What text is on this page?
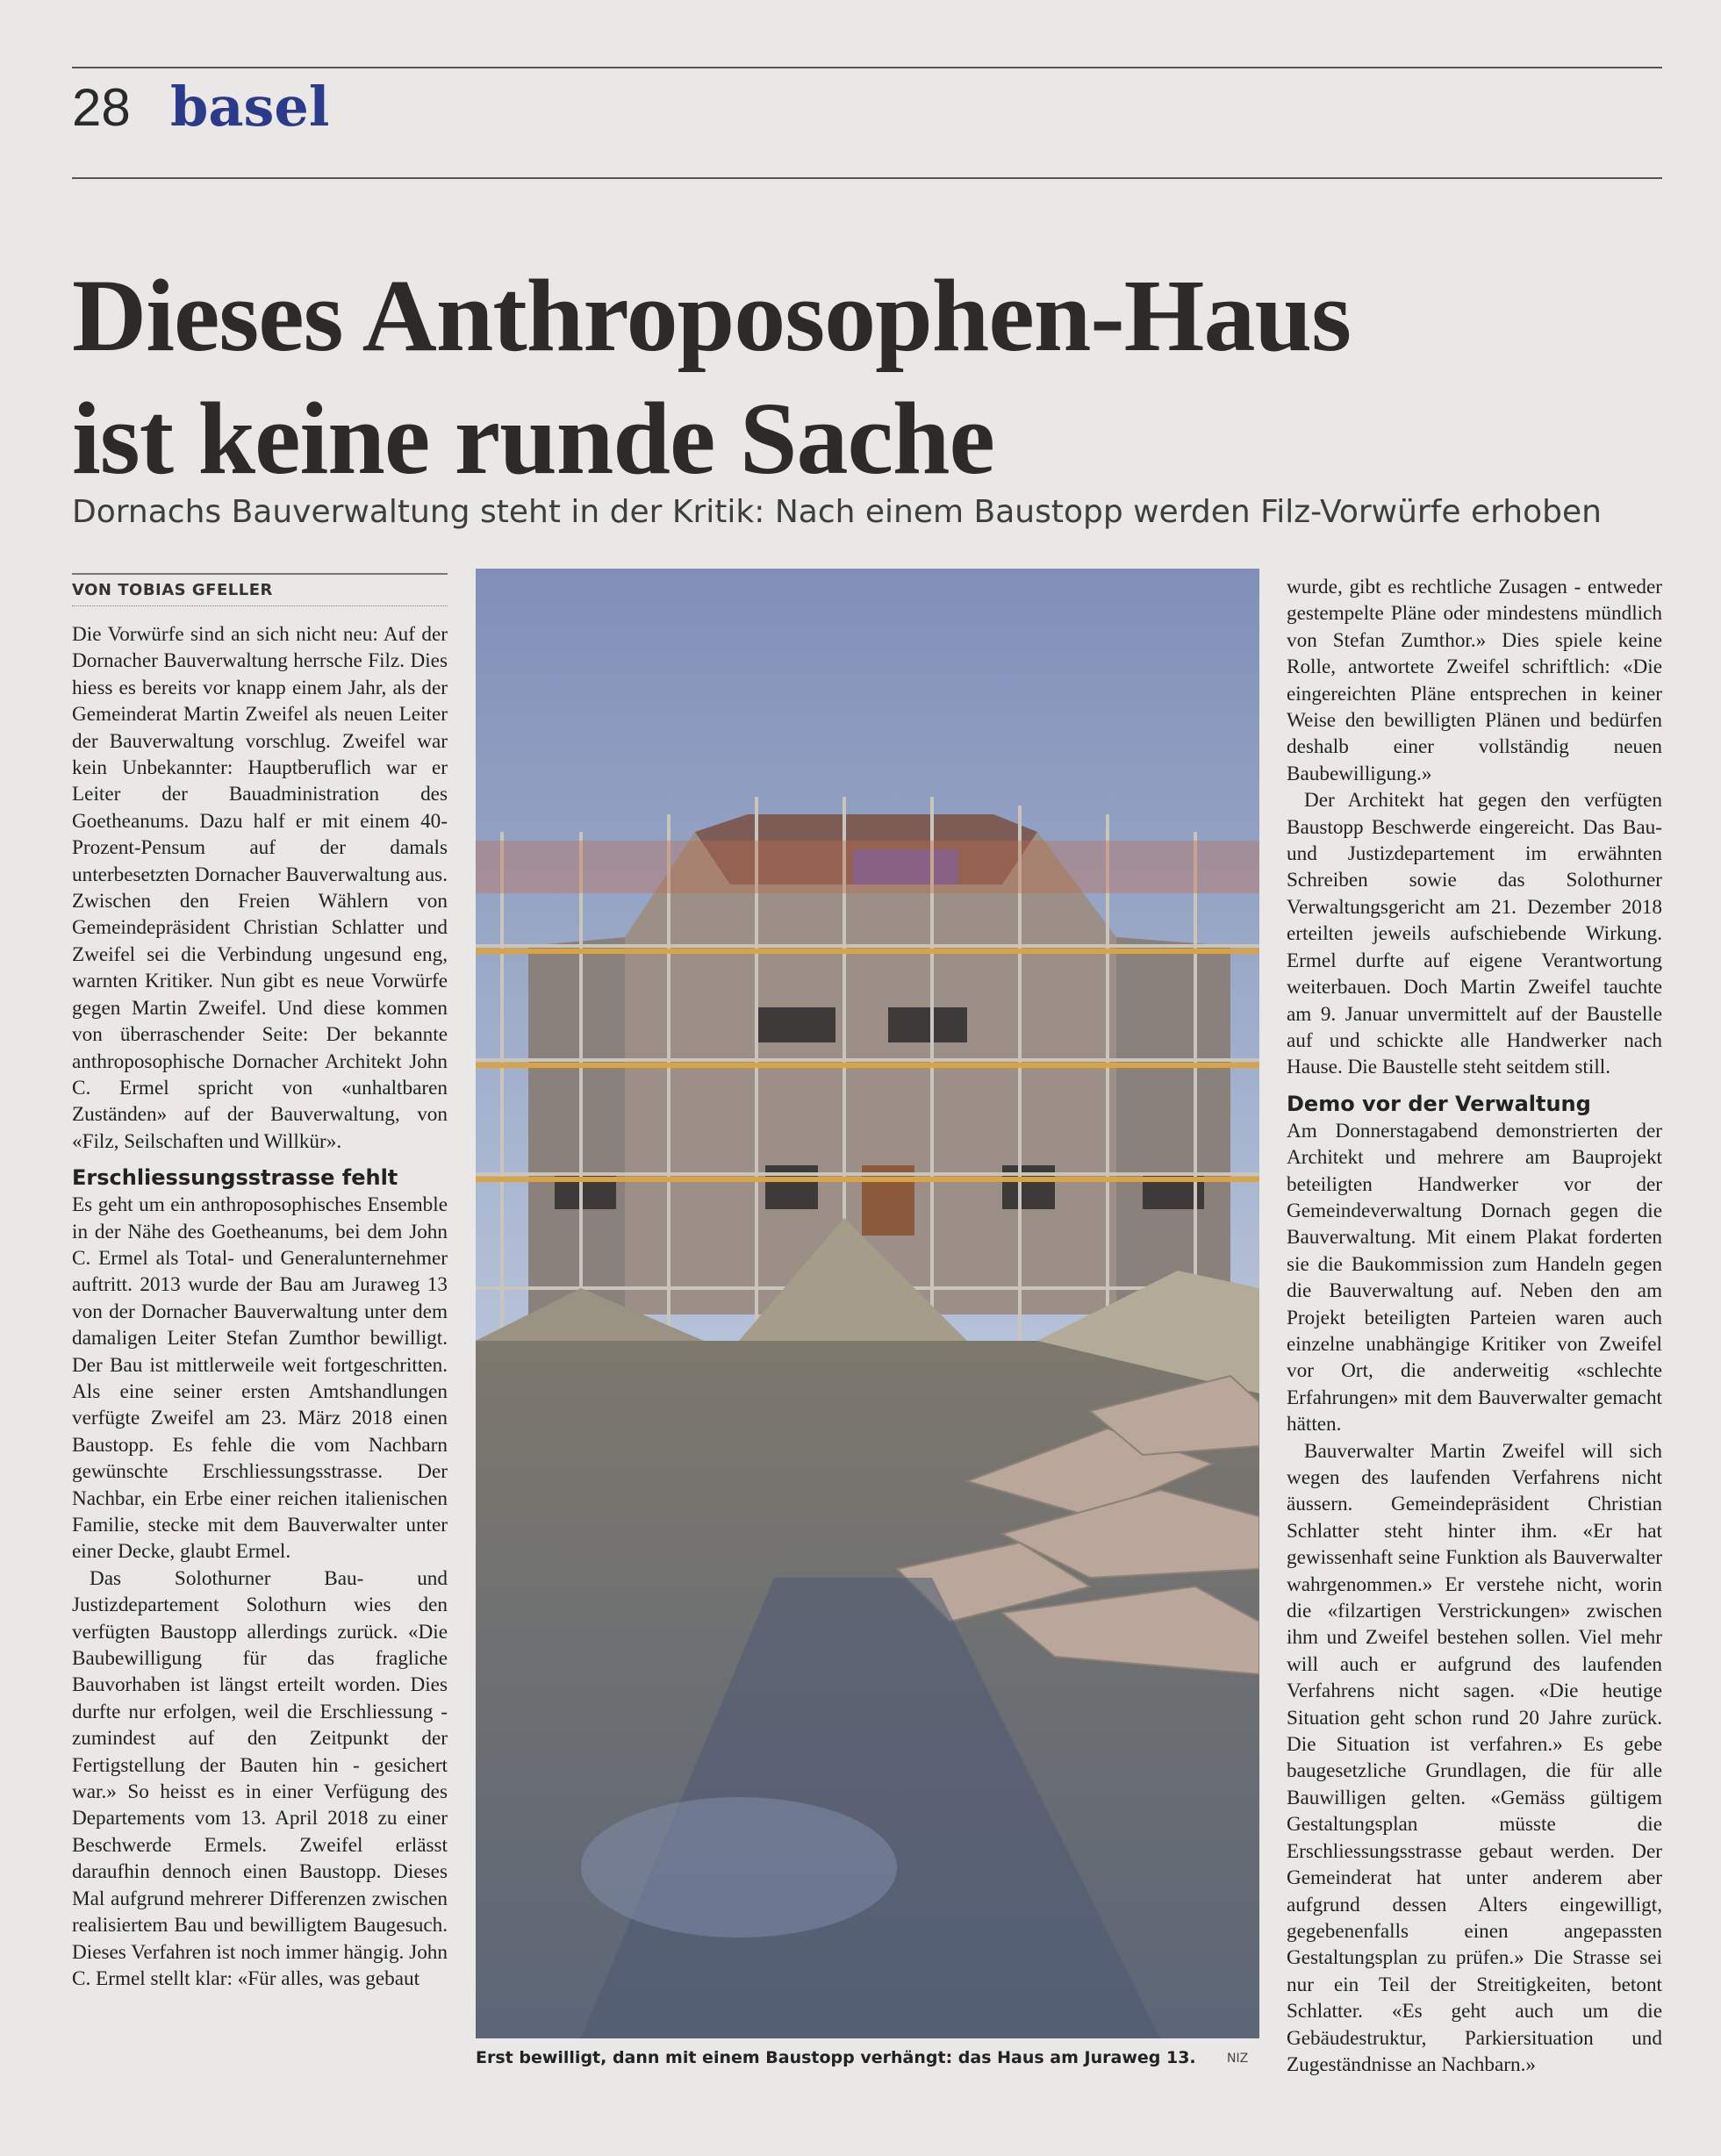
28 basel
Dieses Anthroposophen-Haus
ist keine runde Sache
Dornachs Bauverwaltung steht in der Kritik: Nach einem Baustopp werden Filz-Vorwürfe erhoben
VON TOBIAS GFELLER

Die Vorwürfe sind an sich nicht neu: Auf der Dornacher Bauverwaltung herrsche Filz. Dies hiess es bereits vor knapp einem Jahr, als der Gemeinderat Martin Zweifel als neuen Leiter der Bauverwaltung vorschlug. Zweifel war kein Unbekannter: Hauptberuflich war er Leiter der Bauadministration des Goetheanums. Dazu half er mit einem 40-Prozent-Pensum auf der damals unterbesetzten Dornacher Bauverwaltung aus. Zwischen den Freien Wählern von Gemeindepräsident Christian Schlatter und Zweifel sei die Verbindung ungesund eng, warnten Kritiker. Nun gibt es neue Vorwürfe gegen Martin Zweifel. Und diese kommen von überraschender Seite: Der bekannte anthroposophische Dornacher Architekt John C. Ermel spricht von «unhaltbaren Zuständen» auf der Bauverwaltung, von «Filz, Seilschaften und Willkür».

Erschliessungsstrasse fehlt

Es geht um ein anthroposophisches Ensemble in der Nähe des Goetheanums, bei dem John C. Ermel als Total- und Generalunternehmer auftritt. 2013 wurde der Bau am Juraweg 13 von der Dornacher Bauverwaltung unter dem damaligen Leiter Stefan Zumthor bewilligt. Der Bau ist mittlerweile weit fortgeschritten. Als eine seiner ersten Amtshandlungen verfügte Zweifel am 23. März 2018 einen Baustopp. Es fehle die vom Nachbarn gewünschte Erschliessungsstrasse. Der Nachbar, ein Erbe einer reichen italienischen Familie, stecke mit dem Bauverwalter unter einer Decke, glaubt Ermel.

Das Solothurner Bau- und Justizdepartement Solothurn wies den verfügten Baustopp allerdings zurück. «Die Baubewilligung für das fragliche Bauvorhaben ist längst erteilt worden. Dies durfte nur erfolgen, weil die Erschliessung - zumindest auf den Zeitpunkt der Fertigstellung der Bauten hin - gesichert war.» So heisst es in einer Verfügung des Departements vom 13. April 2018 zu einer Beschwerde Ermels. Zweifel erlässt daraufhin dennoch einen Baustopp. Dieses Mal aufgrund mehrerer Differenzen zwischen realisiertem Bau und bewilligtem Baugesuch. Dieses Verfahren ist noch immer hängig. John C. Ermel stellt klar: «Für alles, was gebaut

Erst bewilligt, dann mit einem Baustopp verhängt: das Haus am Juraweg 13.	NIZ

wurde, gibt es rechtliche Zusagen - entweder gestempelte Pläne oder mindestens mündlich von Stefan Zumthor.» Dies spiele keine Rolle, antwortete Zweifel schriftlich: «Die eingereichten Pläne entsprechen in keiner Weise den bewilligten Plänen und bedürfen deshalb einer vollständig neuen Baubewilligung.»

Der Architekt hat gegen den verfügten Baustopp Beschwerde eingereicht. Das Bau- und Justizdepartement im erwähnten Schreiben sowie das Solothurner Verwaltungsgericht am 21. Dezember 2018 erteilten jeweils aufschiebende Wirkung. Ermel durfte auf eigene Verantwortung weiterbauen. Doch Martin Zweifel tauchte am 9. Januar unvermittelt auf der Baustelle auf und schickte alle Handwerker nach Hause. Die Baustelle steht seitdem still.

Demo vor der Verwaltung

Am Donnerstagabend demonstrierten der Architekt und mehrere am Bauprojekt beteiligten Handwerker vor der Gemeindeverwaltung Dornach gegen die Bauverwaltung. Mit einem Plakat forderten sie die Baukommission zum Handeln gegen die Bauverwaltung auf. Neben den am Projekt beteiligten Parteien waren auch einzelne unabhängige Kritiker von Zweifel vor Ort, die anderweitig «schlechte Erfahrungen» mit dem Bauverwalter gemacht hätten.

Bauverwalter Martin Zweifel will sich wegen des laufenden Verfahrens nicht äussern. Gemeindepräsident Christian Schlatter steht hinter ihm. «Er hat gewissenhaft seine Funktion als Bauverwalter wahrgenommen.» Er verstehe nicht, worin die «filzartigen Verstrickungen» zwischen ihm und Zweifel bestehen sollen. Viel mehr will auch er aufgrund des laufenden Verfahrens nicht sagen. «Die heutige Situation geht schon rund 20 Jahre zurück. Die Situation ist verfahren.» Es gebe baugesetzliche Grundlagen, die für alle Bauwilligen gelten. «Gemäss gültigem Gestaltungsplan müsste die Erschliessungsstrasse gebaut werden. Der Gemeinderat hat unter anderem aber aufgrund dessen Alters eingewilligt, gegebenenfalls einen angepassten Gestaltungsplan zu prüfen.» Die Strasse sei nur ein Teil der Streitigkeiten, betont Schlatter. «Es geht auch um die Gebäudestruktur, Parkiersituation und Zugeständnisse an Nachbarn.»
